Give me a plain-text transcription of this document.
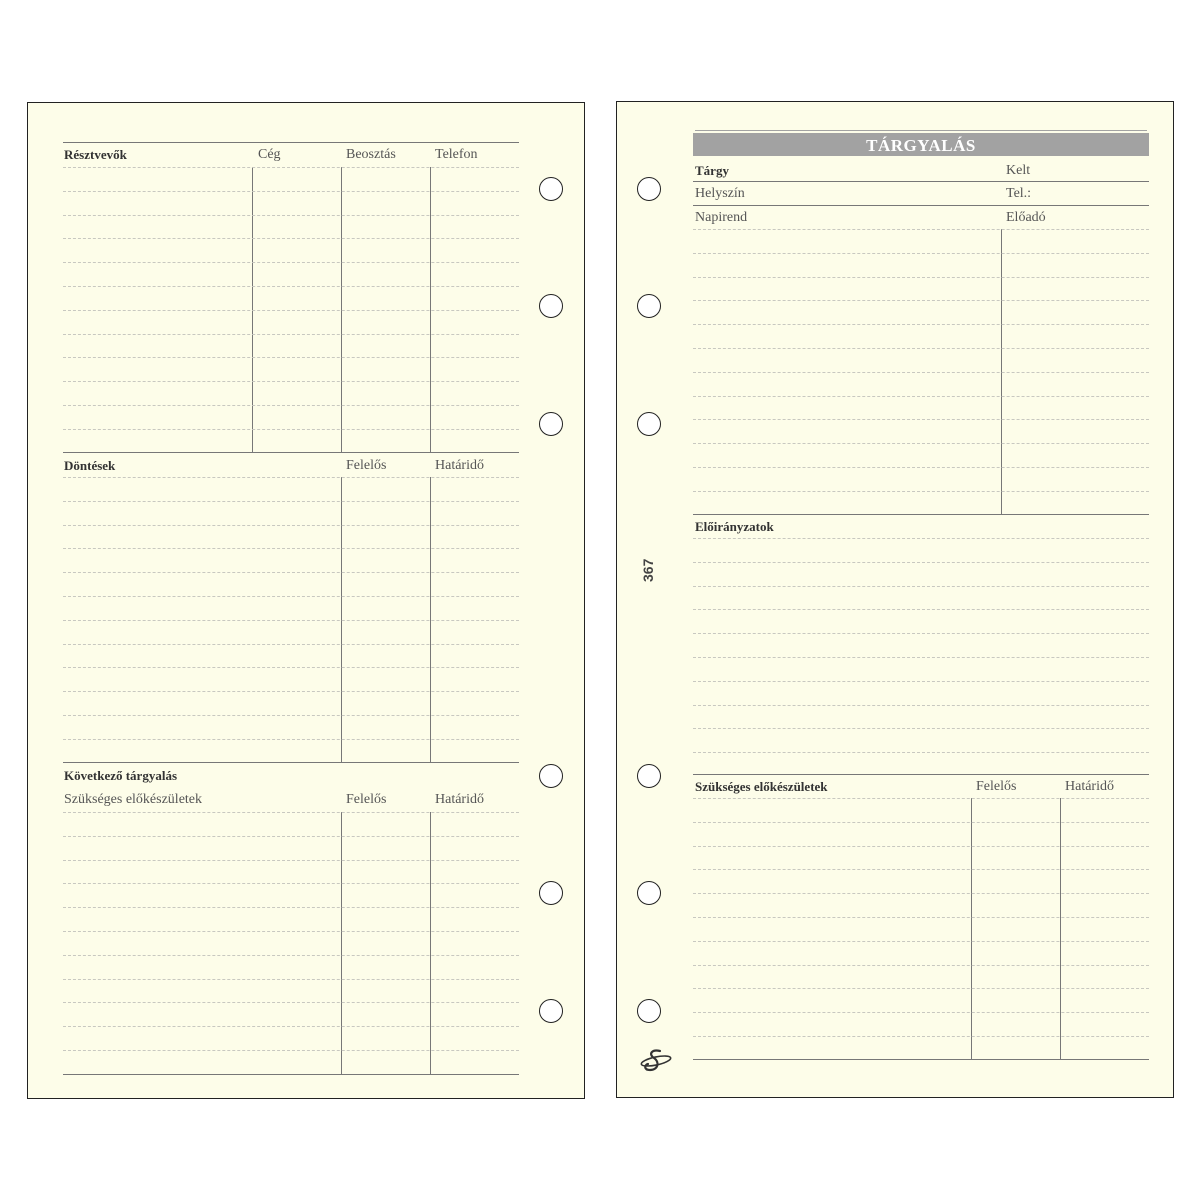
Résztvevők	Cég	Beosztás	Telefon
Döntések	Felelős	Határidő
Következő tárgyalás
Szükséges előkészületek	Felelős	Határidő
TÁRGYALÁS
Tárgy	Kelt
Helyszín	Tel.:
Napirend	Előadó
Előirányzatok
Szükséges előkészületek	Felelős	Határidő
367
